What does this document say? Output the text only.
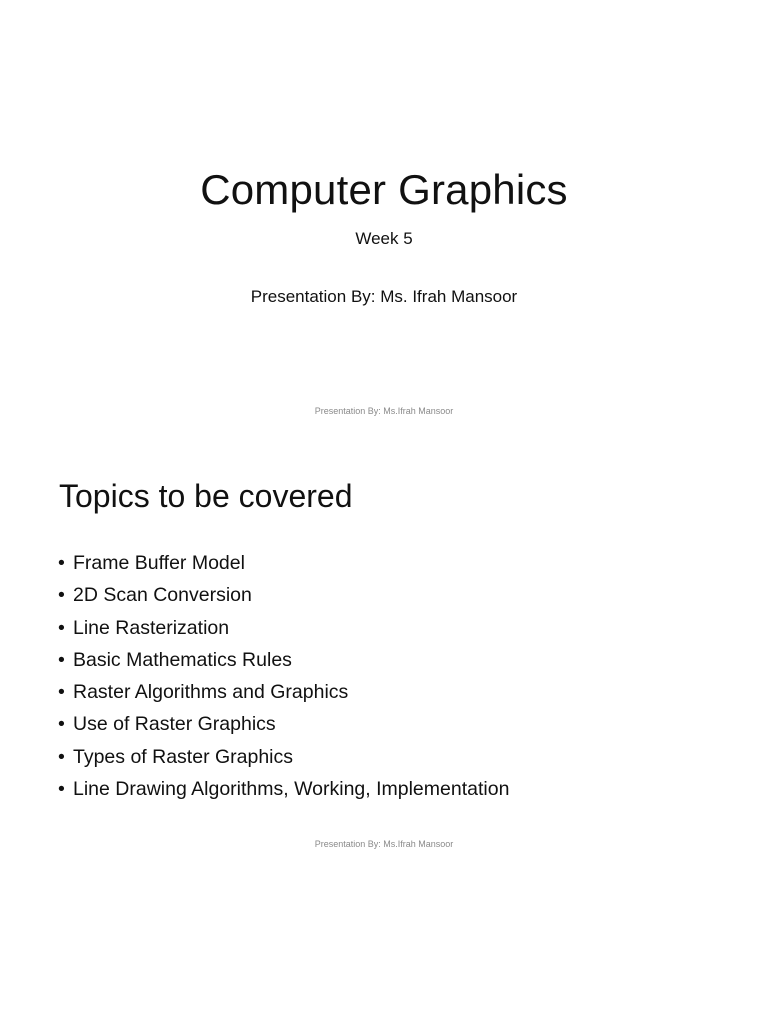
Computer Graphics
Week 5
Presentation By: Ms. Ifrah Mansoor
Presentation By: Ms.Ifrah Mansoor
Topics to be covered
• Frame Buffer Model
• 2D Scan Conversion
• Line Rasterization
• Basic Mathematics Rules
• Raster Algorithms and Graphics
• Use of Raster Graphics
• Types of Raster Graphics
• Line Drawing Algorithms, Working, Implementation
Presentation By: Ms.Ifrah Mansoor
